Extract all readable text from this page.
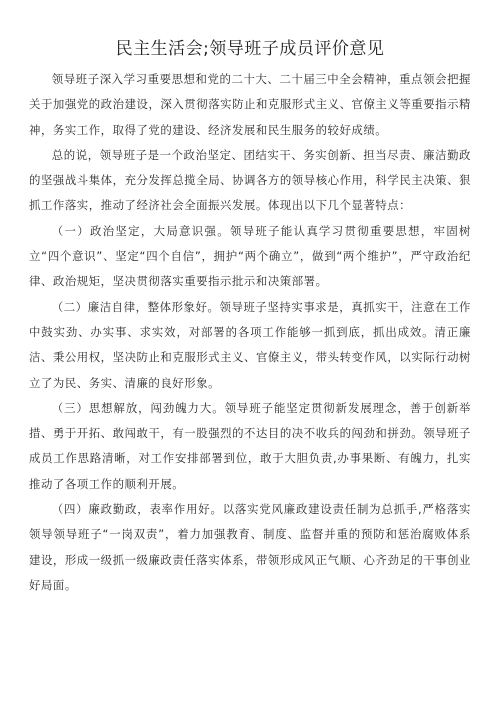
民主生活会;领导班子成员评价意见

领导班子深入学习重要思想和党的二十大、二十届三中全会精神，重点领会把握关于加强党的政治建设，深入贯彻落实防止和克服形式主义、官僚主义等重要指示精神，务实工作，取得了党的建设、经济发展和民生服务的较好成绩。

总的说，领导班子是一个政治坚定、团结实干、务实创新、担当尽责、廉洁勤政的坚强战斗集体，充分发挥总揽全局、协调各方的领导核心作用，科学民主决策、狠抓工作落实，推动了经济社会全面振兴发展。体现出以下几个显著特点：

（一）政治坚定，大局意识强。领导班子能认真学习贯彻重要思想，牢固树立“四个意识”、坚定“四个自信”，拥护“两个确立”，做到“两个维护”，严守政治纪律、政治规矩，坚决贯彻落实重要指示批示和决策部署。

（二）廉洁自律，整体形象好。领导班子坚持实事求是，真抓实干，注意在工作中鼓实劲、办实事、求实效，对部署的各项工作能够一抓到底，抓出成效。清正廉洁、秉公用权，坚决防止和克服形式主义、官僚主义，带头转变作风，以实际行动树立了为民、务实、清廉的良好形象。

（三）思想解放，闯劲魄力大。领导班子能坚定贯彻新发展理念，善于创新举措、勇于开拓、敢闯敢干，有一股强烈的不达目的决不收兵的闯劲和拼劲。领导班子成员工作思路清晰，对工作安排部署到位，敢于大胆负责,办事果断、有魄力，扎实推动了各项工作的顺利开展。

（四）廉政勤政，表率作用好。以落实党风廉政建设责任制为总抓手,严格落实领导领导班子“一岗双责”，着力加强教育、制度、监督并重的预防和惩治腐败体系建设，形成一级抓一级廉政责任落实体系，带领形成风正气顺、心齐劲足的干事创业好局面。
